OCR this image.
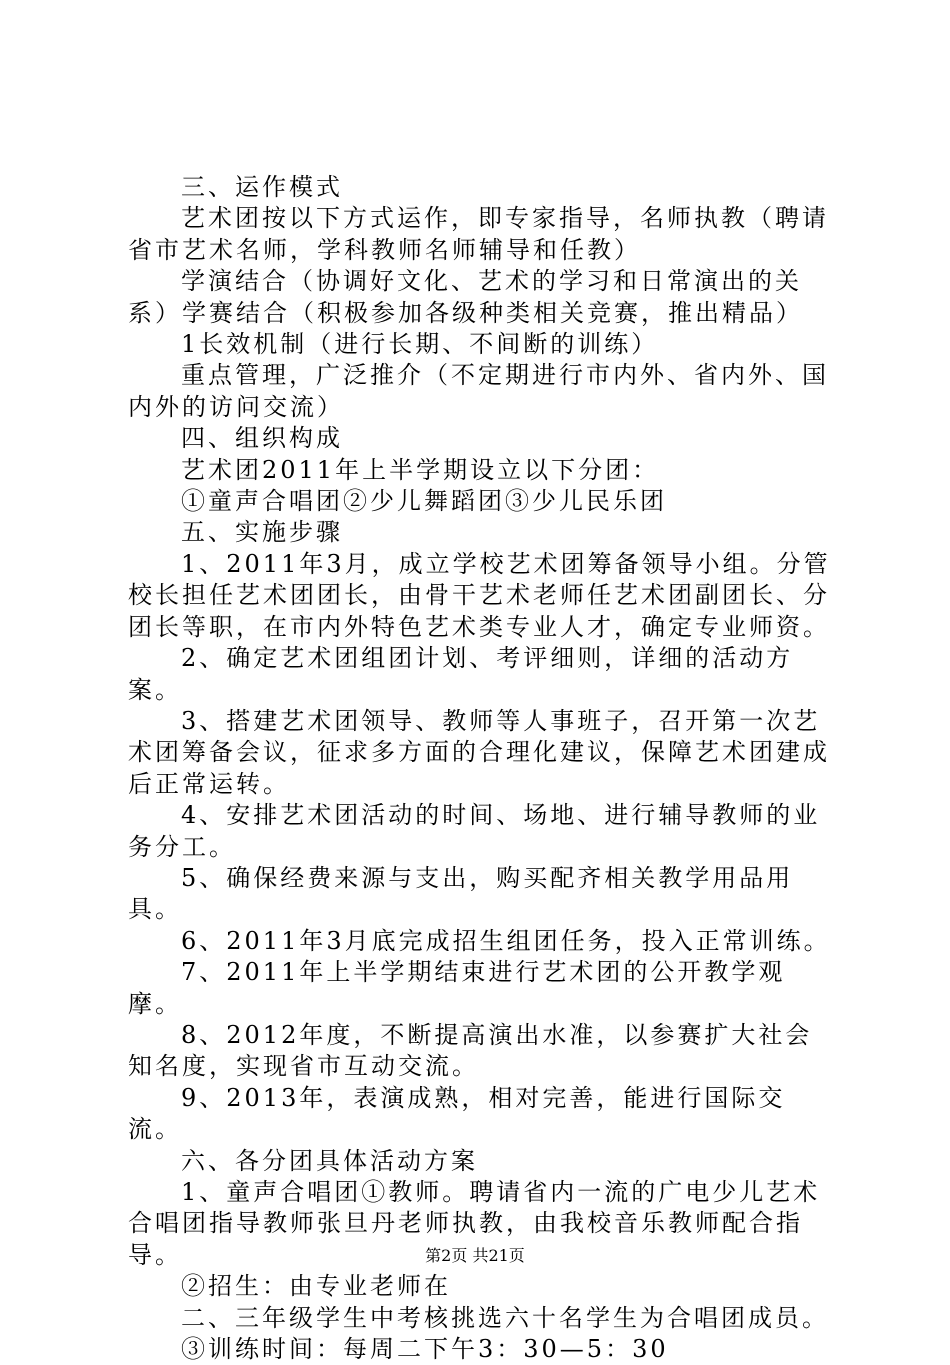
三、运作模式

艺术团按以下方式运作，即专家指导，名师执教（聘请省市艺术名师，学科教师名师辅导和任教）

学演结合（协调好文化、艺术的学习和日常演出的关系）学赛结合（积极参加各级种类相关竞赛，推出精品）

1长效机制（进行长期、不间断的训练）

重点管理，广泛推介（不定期进行市内外、省内外、国内外的访问交流）

四、组织构成

艺术团2011年上半学期设立以下分团：

①童声合唱团②少儿舞蹈团③少儿民乐团

五、实施步骤

1、2011年3月，成立学校艺术团筹备领导小组。分管校长担任艺术团团长，由骨干艺术老师任艺术团副团长、分团长等职，在市内外特色艺术类专业人才，确定专业师资。

2、确定艺术团组团计划、考评细则，详细的活动方案。

3、搭建艺术团领导、教师等人事班子，召开第一次艺术团筹备会议，征求多方面的合理化建议，保障艺术团建成后正常运转。

4、安排艺术团活动的时间、场地、进行辅导教师的业务分工。

5、确保经费来源与支出，购买配齐相关教学用品用具。

6、2011年3月底完成招生组团任务，投入正常训练。

7、2011年上半学期结束进行艺术团的公开教学观摩。

8、2012年度，不断提高演出水准，以参赛扩大社会知名度，实现省市互动交流。

9、2013年，表演成熟，相对完善，能进行国际交流。

六、各分团具体活动方案

1、童声合唱团①教师。聘请省内一流的广电少儿艺术合唱团指导教师张旦丹老师执教，由我校音乐教师配合指导。

②招生：由专业老师在

二、三年级学生中考核挑选六十名学生为合唱团成员。

③训练时间：每周二下午3：30—5：30

第2页 共21页
